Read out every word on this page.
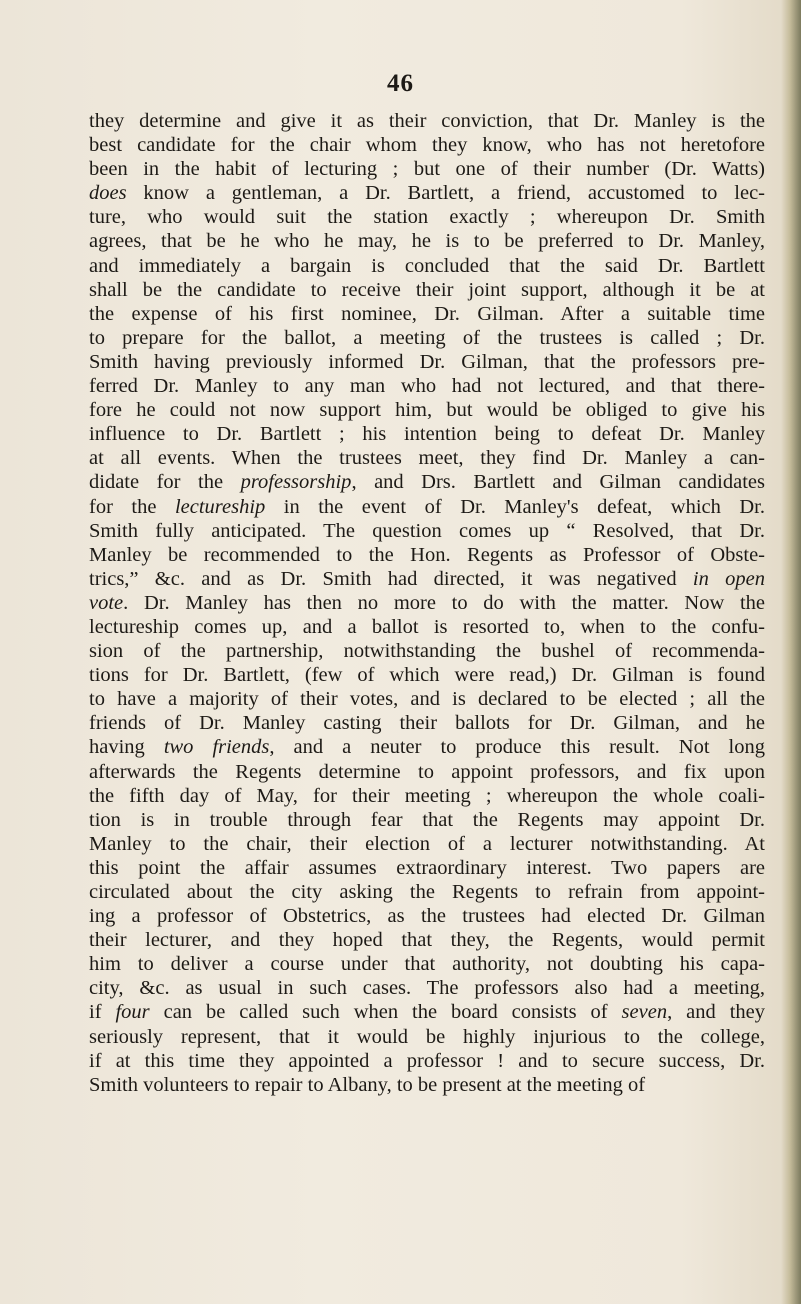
46
they determine and give it as their conviction, that Dr. Manley is the
best candidate for the chair whom they know, who has not heretofore
been in the habit of lecturing ; but one of their number (Dr. Watts)
does know a gentleman, a Dr. Bartlett, a friend, accustomed to lec-
ture, who would suit the station exactly ; whereupon Dr. Smith
agrees, that be he who he may, he is to be preferred to Dr. Manley,
and immediately a bargain is concluded that the said Dr. Bartlett
shall be the candidate to receive their joint support, although it be at
the expense of his first nominee, Dr. Gilman. After a suitable time
to prepare for the ballot, a meeting of the trustees is called ; Dr.
Smith having previously informed Dr. Gilman, that the professors pre-
ferred Dr. Manley to any man who had not lectured, and that there-
fore he could not now support him, but would be obliged to give his
influence to Dr. Bartlett ; his intention being to defeat Dr. Manley
at all events. When the trustees meet, they find Dr. Manley a can-
didate for the professorship, and Drs. Bartlett and Gilman candidates
for the lectureship in the event of Dr. Manley's defeat, which Dr.
Smith fully anticipated. The question comes up “ Resolved, that Dr.
Manley be recommended to the Hon. Regents as Professor of Obste-
trics,” &c. and as Dr. Smith had directed, it was negatived in open
vote. Dr. Manley has then no more to do with the matter. Now the
lectureship comes up, and a ballot is resorted to, when to the confu-
sion of the partnership, notwithstanding the bushel of recommenda-
tions for Dr. Bartlett, (few of which were read,) Dr. Gilman is found
to have a majority of their votes, and is declared to be elected ; all the
friends of Dr. Manley casting their ballots for Dr. Gilman, and he
having two friends, and a neuter to produce this result. Not long
afterwards the Regents determine to appoint professors, and fix upon
the fifth day of May, for their meeting ; whereupon the whole coali-
tion is in trouble through fear that the Regents may appoint Dr.
Manley to the chair, their election of a lecturer notwithstanding. At
this point the affair assumes extraordinary interest. Two papers are
circulated about the city asking the Regents to refrain from appoint-
ing a professor of Obstetrics, as the trustees had elected Dr. Gilman
their lecturer, and they hoped that they, the Regents, would permit
him to deliver a course under that authority, not doubting his capa-
city, &c. as usual in such cases. The professors also had a meeting,
if four can be called such when the board consists of seven, and they
seriously represent, that it would be highly injurious to the college,
if at this time they appointed a professor ! and to secure success, Dr.
Smith volunteers to repair to Albany, to be present at the meeting of
